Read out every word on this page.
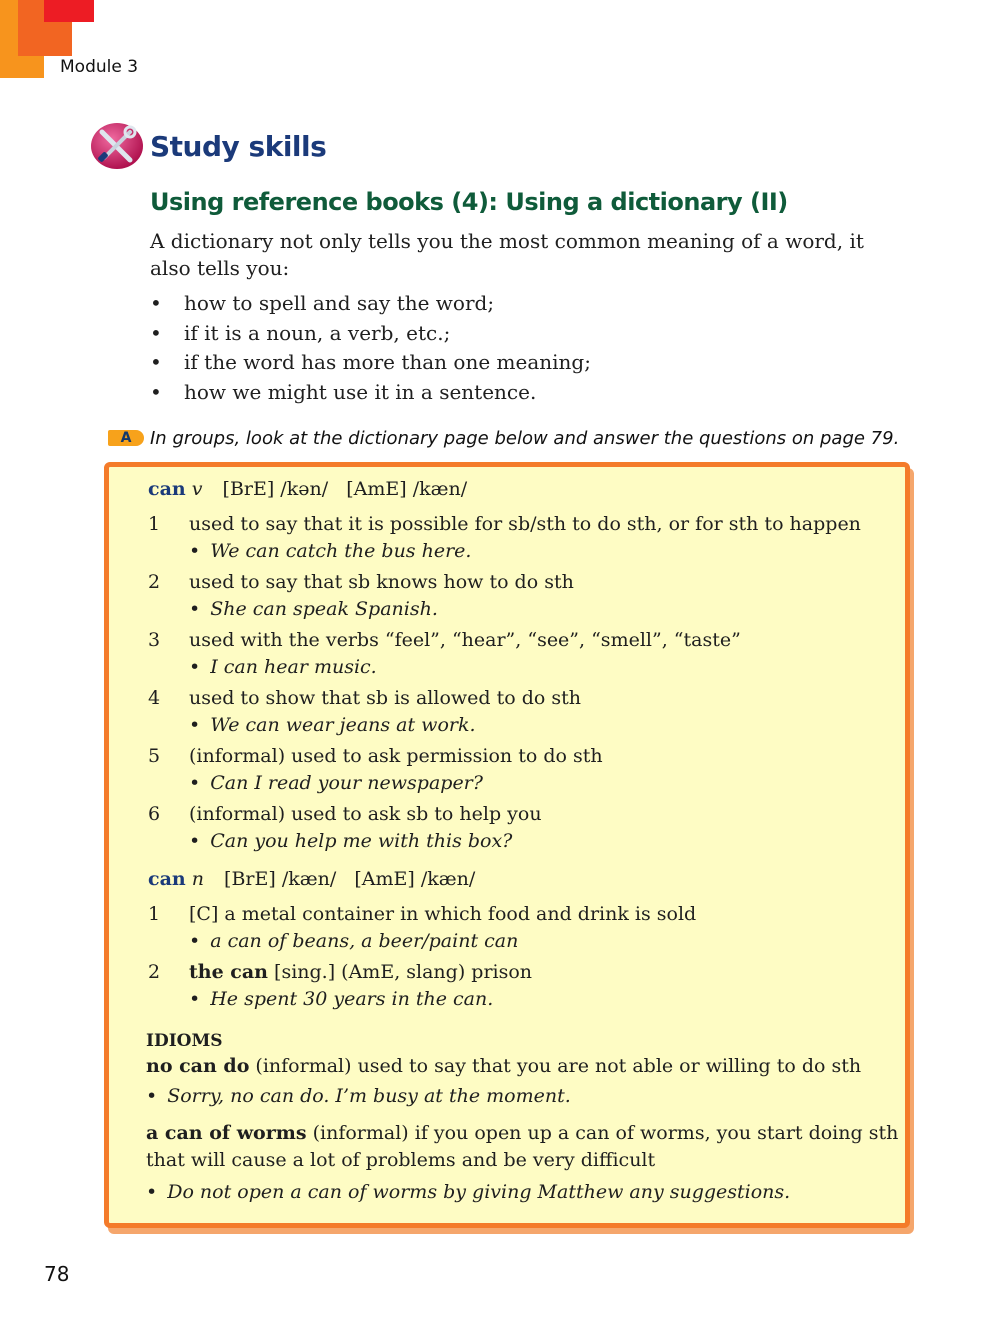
Module 3
Study skills
Using reference books (4): Using a dictionary (II)
A dictionary not only tells you the most common meaning of a word, it also tells you:
• how to spell and say the word;
• if it is a noun, a verb, etc.;
• if the word has more than one meaning;
• how we might use it in a sentence.
A	In groups, look at the dictionary page below and answer the questions on page 79.
can v [BrE] /kən/   [AmE] /kæn/
1 used to say that it is possible for sb/sth to do sth, or for sth to happen
• We can catch the bus here.
2 used to say that sb knows how to do sth
• She can speak Spanish.
3 used with the verbs “feel”, “hear”, “see”, “smell”, “taste”
• I can hear music.
4 used to show that sb is allowed to do sth
• We can wear jeans at work.
5 (informal) used to ask permission to do sth
• Can I read your newspaper?
6 (informal) used to ask sb to help you
• Can you help me with this box?
can n [BrE] /kæn/   [AmE] /kæn/
1 [C] a metal container in which food and drink is sold
• a can of beans, a beer/paint can
2 the can [sing.] (AmE, slang) prison
• He spent 30 years in the can.
IDIOMS
no can do (informal) used to say that you are not able or willing to do sth
• Sorry, no can do. I’m busy at the moment.
a can of worms (informal) if you open up a can of worms, you start doing sth
that will cause a lot of problems and be very difficult
• Do not open a can of worms by giving Matthew any suggestions.
78
